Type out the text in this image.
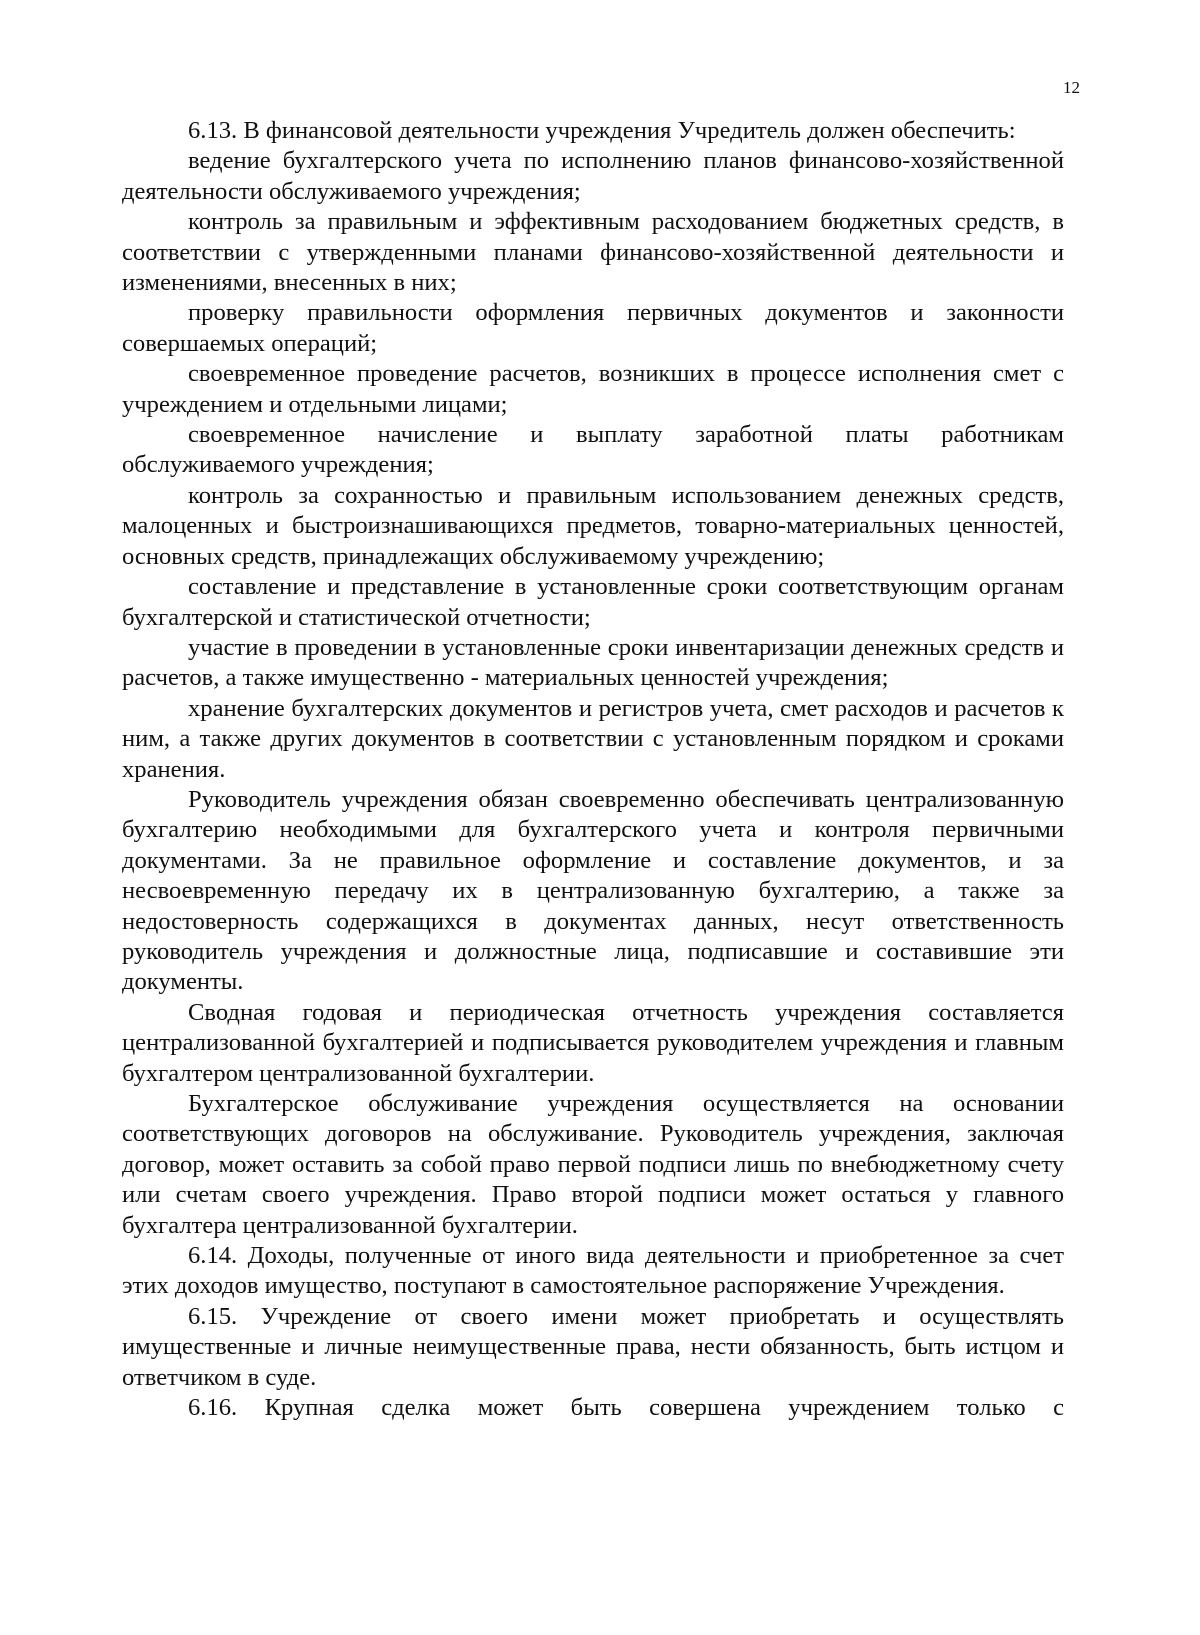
12

6.13. В финансовой деятельности учреждения Учредитель должен обеспечить:

ведение бухгалтерского учета по исполнению планов финансово-хозяйственной деятельности обслуживаемого учреждения;

контроль за правильным и эффективным расходованием бюджетных средств, в соответствии с утвержденными планами финансово-хозяйственной деятельности и изменениями, внесенных в них;

проверку правильности оформления первичных документов и законности совершаемых операций;

своевременное проведение расчетов, возникших в процессе исполнения смет с учреждением и отдельными лицами;

своевременное начисление и выплату заработной платы работникам обслуживаемого учреждения;

контроль за сохранностью и правильным использованием денежных средств, малоценных и быстроизнашивающихся предметов, товарно-материальных ценностей, основных средств, принадлежащих обслуживаемому учреждению;

составление и представление в установленные сроки соответствующим органам бухгалтерской и статистической отчетности;

участие в проведении в установленные сроки инвентаризации денежных средств и расчетов, а также имущественно - материальных ценностей учреждения;

хранение бухгалтерских документов и регистров учета, смет расходов и расчетов к ним, а также других документов в соответствии с установленным порядком и сроками хранения.

Руководитель учреждения обязан своевременно обеспечивать централизованную бухгалтерию необходимыми для бухгалтерского учета и контроля первичными документами. За не правильное оформление и составление документов, и за несвоевременную передачу их в централизованную бухгалтерию, а также за недостоверность содержащихся в документах данных, несут ответственность руководитель учреждения и должностные лица, подписавшие и составившие эти документы.

Сводная годовая и периодическая отчетность учреждения составляется централизованной бухгалтерией и подписывается руководителем учреждения и главным бухгалтером централизованной бухгалтерии.

Бухгалтерское обслуживание учреждения осуществляется на основании соответствующих договоров на обслуживание. Руководитель учреждения, заключая договор, может оставить за собой право первой подписи лишь по внебюджетному счету или счетам своего учреждения. Право второй подписи может остаться у главного бухгалтера централизованной бухгалтерии.

6.14. Доходы, полученные от иного вида деятельности и приобретенное за счет этих доходов имущество, поступают в самостоятельное распоряжение Учреждения.

6.15. Учреждение от своего имени может приобретать и осуществлять имущественные и личные неимущественные права, нести обязанность, быть истцом и ответчиком в суде.

6.16. Крупная сделка может быть совершена учреждением только с
